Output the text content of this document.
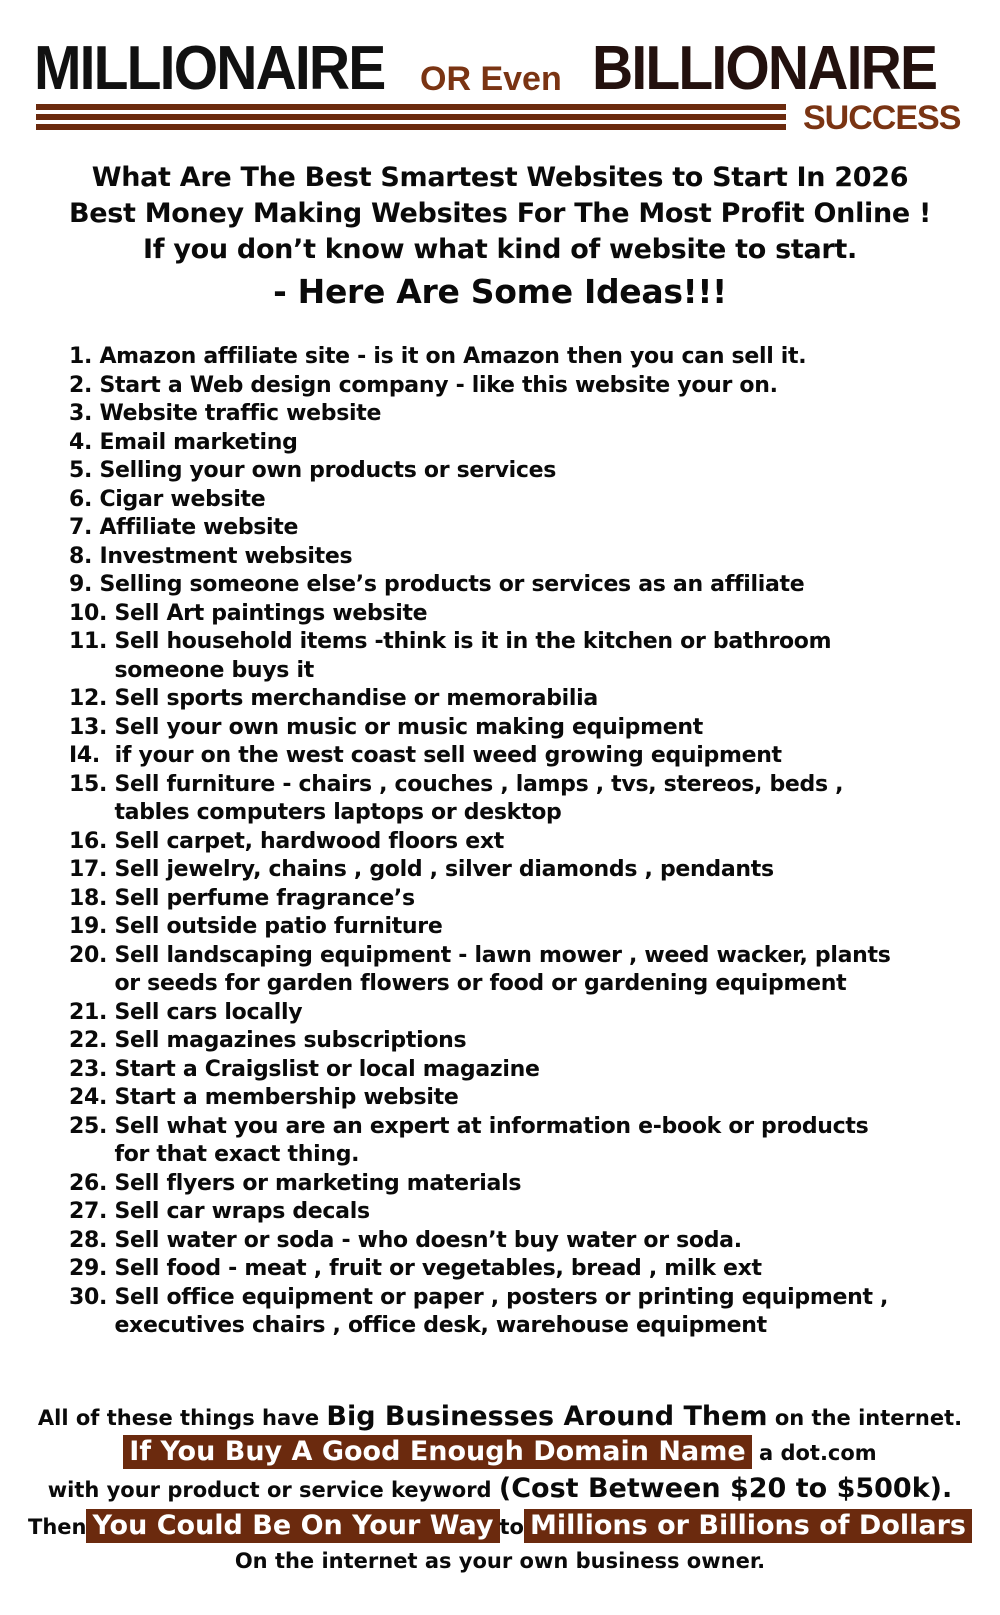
MILLIONAIRE OR Even BILLIONAIRE
SUCCESS
What Are The Best Smartest Websites to Start In 2026
Best Money Making Websites For The Most Profit Online !
If you don’t know what kind of website to start.
- Here Are Some Ideas!!!
1. Amazon affiliate site - is it on Amazon then you can sell it.
2. Start a Web design company - like this website your on.
3. Website traffic website
4. Email marketing
5. Selling your own products or services
6. Cigar website
7. Affiliate website
8. Investment websites
9. Selling someone else’s products or services as an affiliate
10. Sell Art paintings website
11. Sell household items -think is it in the kitchen or bathroom
someone buys it
12. Sell sports merchandise or memorabilia
13. Sell your own music or music making equipment
I4. if your on the west coast sell weed growing equipment
15. Sell furniture - chairs , couches , lamps , tvs, stereos, beds ,
tables computers laptops or desktop
16. Sell carpet, hardwood floors ext
17. Sell jewelry, chains , gold , silver diamonds , pendants
18. Sell perfume fragrance’s
19. Sell outside patio furniture
20. Sell landscaping equipment - lawn mower , weed wacker, plants
or seeds for garden flowers or food or gardening equipment
21. Sell cars locally
22. Sell magazines subscriptions
23. Start a Craigslist or local magazine
24. Start a membership website
25. Sell what you are an expert at information e-book or products
for that exact thing.
26. Sell flyers or marketing materials
27. Sell car wraps decals
28. Sell water or soda - who doesn’t buy water or soda.
29. Sell food - meat , fruit or vegetables, bread , milk ext
30. Sell office equipment or paper , posters or printing equipment ,
executives chairs , office desk, warehouse equipment
All of these things have Big Businesses Around Them on the internet.
If You Buy A Good Enough Domain Name a dot.com
with your product or service keyword (Cost Between $20 to $500k).
Then You Could Be On Your Way to Millions or Billions of Dollars
On the internet as your own business owner.
